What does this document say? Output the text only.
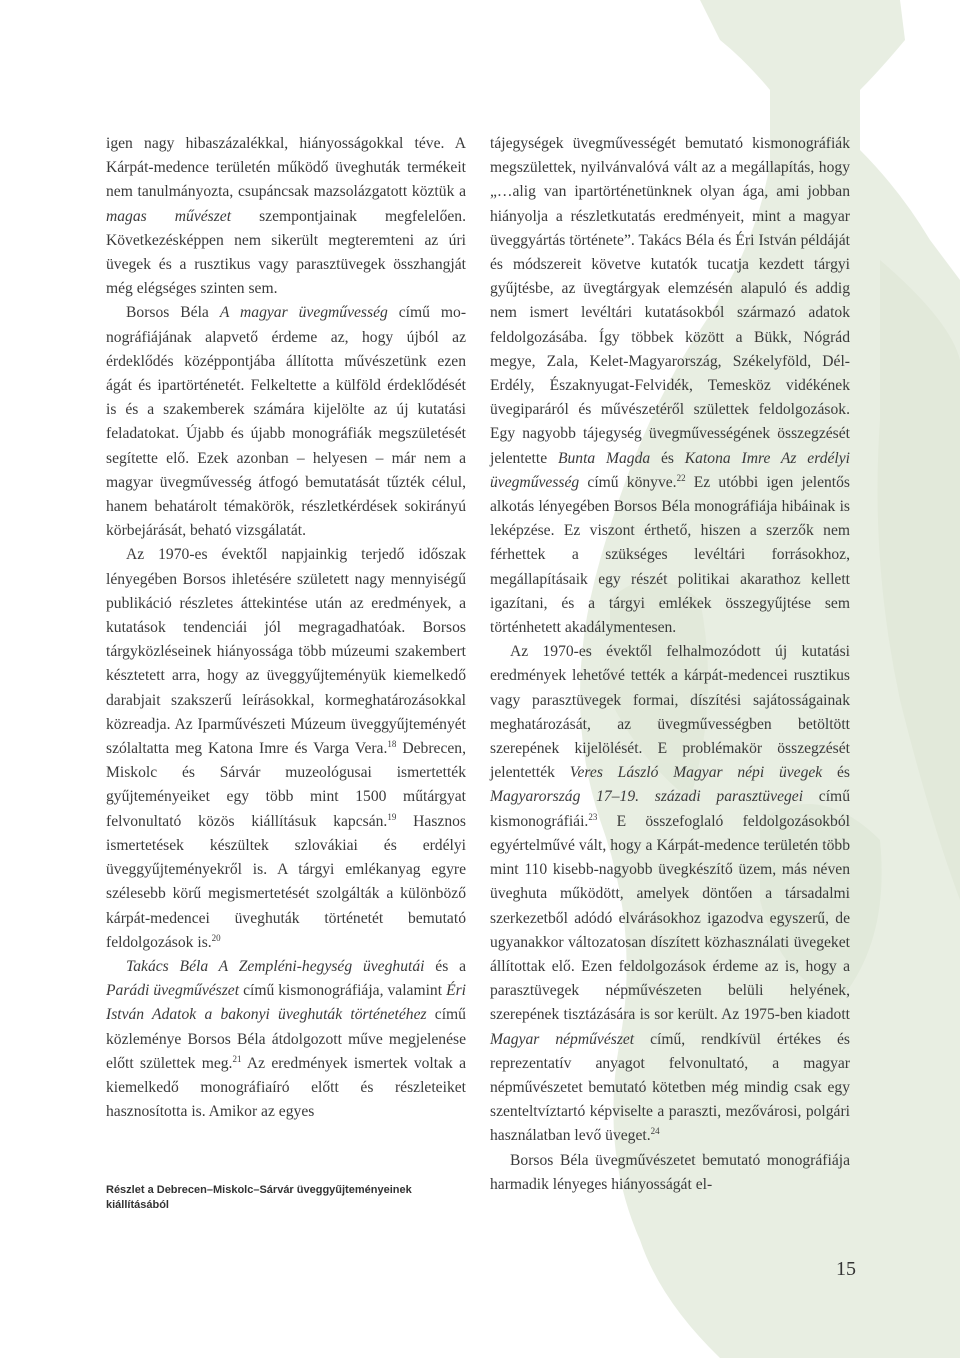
igen nagy hibaszázalékkal, hiányosságokkal téve. A Kárpát-medence területén működő üveghuták termékeit nem tanulmányozta, csupáncsak mazsolázgatott köztük a magas művészet szempontjainak megfelelően. Következésképpen nem sikerült megteremteni az úri üvegek és a rusztikus vagy parasztüvegek összhangját még elégséges szinten sem.

Borsos Béla A magyar üvegművesség című monográfiájának alapvető érdeme az, hogy újból az érdeklődés középpontjába állította művészetünk ezen ágát és ipartörténetét. Felkeltette a külföld érdeklődését is és a szakemberek számára kijelölte az új kutatási feladatokat. Újabb és újabb monográfiák megszületését segítette elő. Ezek azonban – helyesen – már nem a magyar üvegművesség átfogó bemutatását tűzték célul, hanem behatárolt témakörök, részletkérdések sokirányú körbejárását, beható vizsgálatát.

Az 1970-es évektől napjainkig terjedő időszak lényegében Borsos ihletésére született nagy mennyiségű publikáció részletes áttekintése után az eredmények, a kutatások tendenciái jól megragadhatóak. Borsos tárgyközléseinek hiányossága több múzeumi szakembert késztetett arra, hogy az üveggyűjteményük kiemelkedő darabjait szakszerű leírásokkal, kormeghatározásokkal közreadja. Az Iparművészeti Múzeum üveggyűjteményét szólaltatta meg Katona Imre és Varga Vera.$^{18}$ Debrecen, Miskolc és Sárvár muzeológusai ismertették gyűjteményeiket egy több mint 1500 műtárgyat felvonultató közös kiállításuk kapcsán.$^{19}$ Hasznos ismertetések készültek szlovákiai és erdélyi üveggyűjteményekről is. A tárgyi emlékanyag egyre szélesebb körű megismertetését szolgálták a különböző kárpát-medencei üveghuták történetét bemutató feldolgozások is.$^{20}$

Takács Béla A Zempléni-hegység üveghutái és a Parádi üvegművészet című kismonográfiája, valamint Éri István Adatok a bakonyi üveghuták történetéhez című közleménye Borsos Béla átdolgozott műve megjelenése előtt születtek meg.$^{21}$ Az eredmények ismertek voltak a kiemelkedő monográfiaíró előtt és részleteiket hasznosította is. Amikor az egyes

Részlet a Debrecen–Miskolc–Sárvár üveggyűjteményeinek kiállításából

tájegységek üvegművességét bemutató kismonográfiák megszülettek, nyilvánvalóvá vált az a megállapítás, hogy „…alig van ipartörténetünknek olyan ága, ami jobban hiányolja a részletkutatás eredményeit, mint a magyar üveggyártás története”. Takács Béla és Éri István példáját és módszereit követve kutatók tucatja kezdett tárgyi gyűjtésbe, az üvegtárgyak elemzésén alapuló és addig nem ismert levéltári kutatásokból származó adatok feldolgozásába. Így többek között a Bükk, Nógrád megye, Zala, Kelet-Magyarország, Székelyföld, Dél-Erdély, Északnyugat-Felvidék, Temesköz vidékének üvegiparáról és művészetéről születtek feldolgozások. Egy nagyobb tájegység üvegművességének összegzését jelentette Bunta Magda és Katona Imre Az erdélyi üvegművesség című könyve.$^{22}$ Ez utóbbi igen jelentős alkotás lényegében Borsos Béla monográfiája hibáinak is leképzése. Ez viszont érthető, hiszen a szerzők nem férhettek a szükséges levéltári forrásokhoz, megállapításaik egy részét politikai akarathoz kellett igazítani, és a tárgyi emlékek összegyűjtése sem történhetett akadálymentesen.

Az 1970-es évektől felhalmozódott új kutatási eredmények lehetővé tették a kárpát-medencei rusztikus vagy parasztüvegek formai, díszítési sajátosságainak meghatározását, az üvegművességben betöltött szerepének kijelölését. E problémakör összegzését jelentették Veres László Magyar népi üvegek és Magyarország 17–19. századi parasztüvegei című kismonográfiái.$^{23}$ E összefoglaló feldolgozásokból egyértelművé vált, hogy a Kárpát-medence területén több mint 110 kisebb-nagyobb üvegkészítő üzem, más néven üveghuta működött, amelyek döntően a társadalmi szerkezetből adódó elvárásokhoz igazodva egyszerű, de ugyanakkor változatosan díszített közhasználati üvegeket állítottak elő. Ezen feldolgozások érdeme az is, hogy a parasztüvegek népművészeten belüli helyének, szerepének tisztázására is sor került. Az 1975-ben kiadott Magyar népművészet című, rendkívül értékes és reprezentatív anyagot felvonultató, a magyar népművészetet bemutató kötetben még mindig csak egy szenteltvíztartó képviselte a paraszti, mezővárosi, polgári használatban levő üveget.$^{24}$

Borsos Béla üvegművészetet bemutató monográfiája harmadik lényeges hiányosságát el-

15
